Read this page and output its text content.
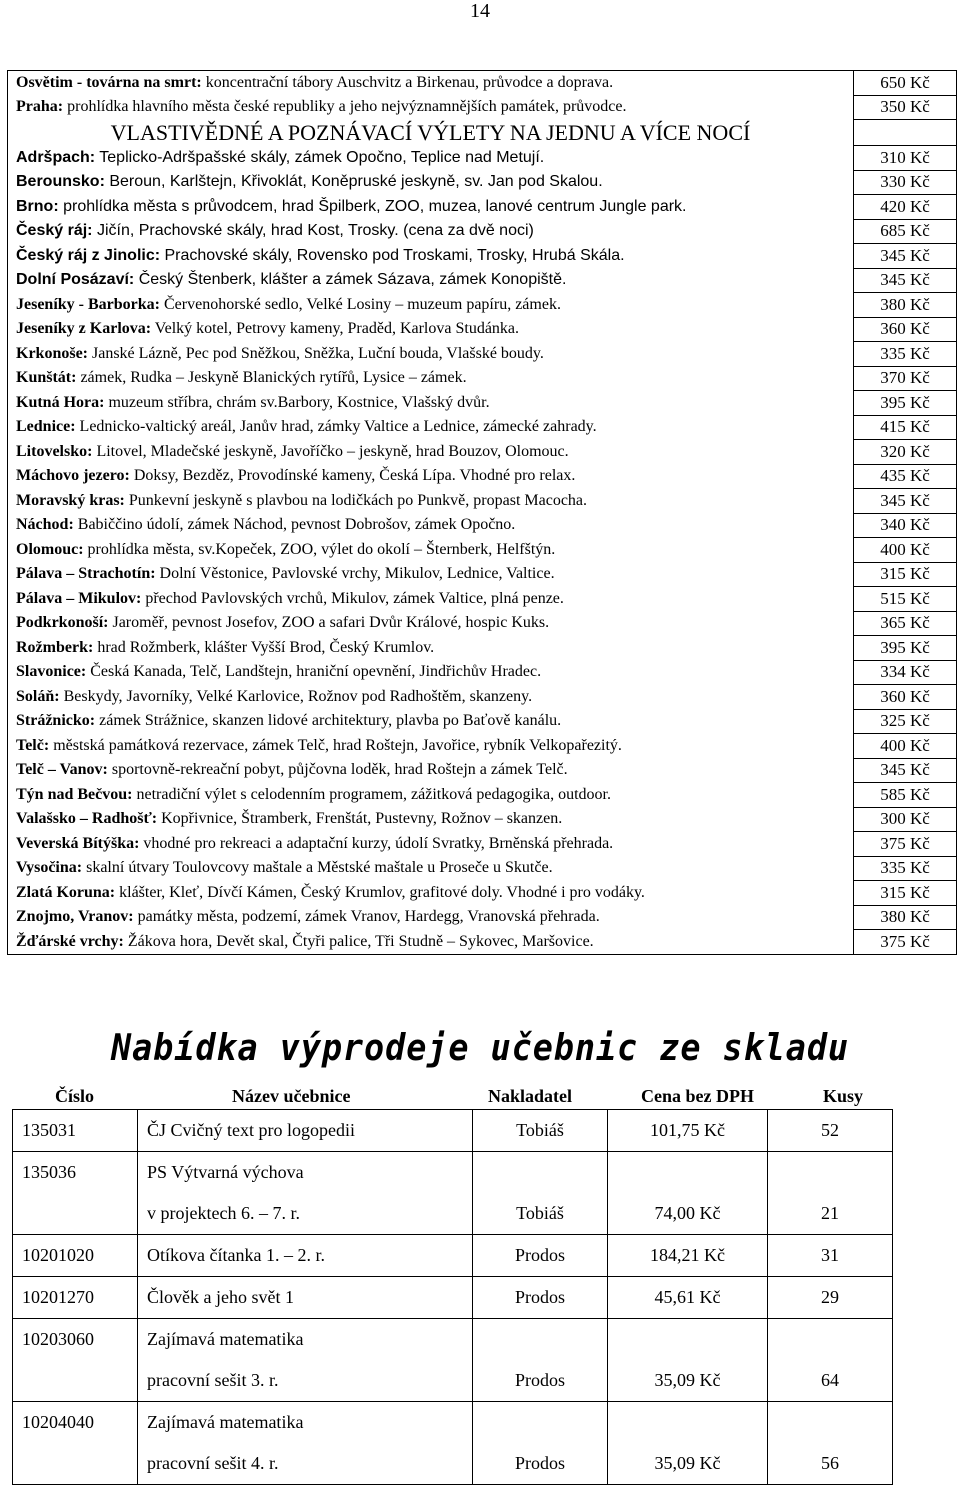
14
Osvětim - továrna na smrt: koncentrační tábory Auschvitz a Birkenau, průvodce a doprava.	650 Kč
Praha: prohlídka hlavního města české republiky a jeho nejvýznamnějších památek, průvodce.	350 Kč
VLASTIVĚDNÉ A POZNÁVACÍ VÝLETY NA JEDNU A VÍCE NOCÍ	
Adršpach: Teplicko-Adršpašské skály, zámek Opočno, Teplice nad Metují.	310 Kč
Berounsko: Beroun, Karlštejn, Křivoklát, Koněpruské jeskyně, sv. Jan pod Skalou.	330 Kč
Brno: prohlídka města s průvodcem, hrad Špilberk, ZOO, muzea, lanové centrum Jungle park.	420 Kč
Český ráj: Jičín, Prachovské skály, hrad Kost, Trosky. (cena za dvě noci)	685 Kč
Český ráj z Jinolic: Prachovské skály, Rovensko pod Troskami, Trosky, Hrubá Skála.	345 Kč
Dolní Posázaví: Český Štenberk, klášter a zámek Sázava, zámek Konopiště.	345 Kč
Jeseníky - Barborka: Červenohorské sedlo, Velké Losiny – muzeum papíru, zámek.	380 Kč
Jeseníky z Karlova: Velký kotel, Petrovy kameny, Praděd, Karlova Studánka.	360 Kč
Krkonoše: Janské Lázně, Pec pod Sněžkou, Sněžka, Luční bouda, Vlašské boudy.	335 Kč
Kunštát: zámek, Rudka – Jeskyně Blanických rytířů, Lysice – zámek.	370 Kč
Kutná Hora: muzeum stříbra, chrám sv.Barbory, Kostnice, Vlašský dvůr.	395 Kč
Lednice: Lednicko-valtický areál, Janův hrad, zámky Valtice a Lednice, zámecké zahrady.	415 Kč
Litovelsko: Litovel, Mladečské jeskyně, Javoříčko – jeskyně, hrad Bouzov, Olomouc.	320 Kč
Máchovo jezero: Doksy, Bezděz, Provodínské kameny, Česká Lípa. Vhodné pro relax.	435 Kč
Moravský kras: Punkevní jeskyně s plavbou na lodičkách po Punkvě, propast Macocha.	345 Kč
Náchod: Babiččino údolí, zámek Náchod, pevnost Dobrošov, zámek Opočno.	340 Kč
Olomouc: prohlídka města, sv.Kopeček, ZOO, výlet do okolí – Šternberk, Helfštýn.	400 Kč
Pálava – Strachotín: Dolní Věstonice, Pavlovské vrchy, Mikulov, Lednice, Valtice.	315 Kč
Pálava – Mikulov: přechod Pavlovských vrchů, Mikulov, zámek Valtice, plná penze.	515 Kč
Podkrkonoší: Jaroměř, pevnost Josefov, ZOO a safari Dvůr Králové, hospic Kuks.	365 Kč
Rožmberk: hrad Rožmberk, klášter Vyšší Brod, Český Krumlov.	395 Kč
Slavonice: Česká Kanada, Telč, Landštejn, hraniční opevnění, Jindřichův Hradec.	334 Kč
Soláň: Beskydy, Javorníky, Velké Karlovice, Rožnov pod Radhoštěm, skanzeny.	360 Kč
Strážnicko: zámek Strážnice, skanzen lidové architektury, plavba po Baťově kanálu.	325 Kč
Telč: městská památková rezervace, zámek Telč, hrad Roštejn, Javořice, rybník Velkopařezitý.	400 Kč
Telč – Vanov: sportovně-rekreační pobyt, půjčovna loděk, hrad Roštejn a zámek Telč.	345 Kč
Týn nad Bečvou: netradiční výlet s celodenním programem, zážitková pedagogika, outdoor.	585 Kč
Valašsko – Radhošť: Kopřivnice, Štramberk, Frenštát, Pustevny, Rožnov – skanzen.	300 Kč
Veverská Bítýška: vhodné pro rekreaci a adaptační kurzy, údolí Svratky, Brněnská přehrada.	375 Kč
Vysočina: skalní útvary Toulovcovy maštale a Městské maštale u Proseče u Skutče.	335 Kč
Zlatá Koruna: klášter, Kleť, Dívčí Kámen, Český Krumlov, grafitové doly. Vhodné i pro vodáky.	315 Kč
Znojmo, Vranov: památky města, podzemí, zámek Vranov, Hardegg, Vranovská přehrada.	380 Kč
Žďárské vrchy: Žákova hora, Devět skal, Čtyři palice, Tři Studně – Sykovec, Maršovice.	375 Kč
Nabídka výprodeje učebnic ze skladu
Číslo	Název učebnice	Nakladatel	Cena bez DPH	Kusy
135031	ČJ Cvičný text pro logopedii	Tobiáš	101,75 Kč	52
135036	PS Výtvarná výchova			
	v projektech 6. – 7. r.	Tobiáš	74,00 Kč	21
10201020	Otíkova čítanka 1. – 2. r.	Prodos	184,21 Kč	31
10201270	Člověk a jeho svět 1	Prodos	45,61 Kč	29
10203060	Zajímavá matematika			
	pracovní sešit 3. r.	Prodos	35,09 Kč	64
10204040	Zajímavá matematika			
	pracovní sešit 4. r.	Prodos	35,09 Kč	56
